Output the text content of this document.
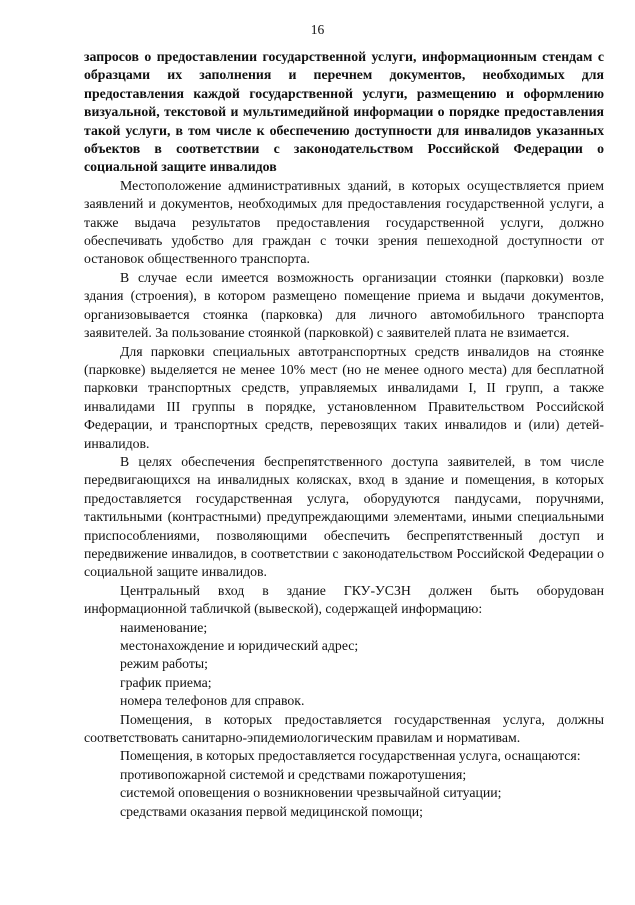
16

запросов о предоставлении государственной услуги, информационным стендам с образцами их заполнения и перечнем документов, необходимых для предоставления каждой государственной услуги, размещению и оформлению визуальной, текстовой и мультимедийной информации о порядке предоставления такой услуги, в том числе к обеспечению доступности для инвалидов указанных объектов в соответствии с законодательством Российской Федерации о социальной защите инвалидов

Местоположение административных зданий, в которых осуществляется прием заявлений и документов, необходимых для предоставления государственной услуги, а также выдача результатов предоставления государственной услуги, должно обеспечивать удобство для граждан с точки зрения пешеходной доступности от остановок общественного транспорта.

В случае если имеется возможность организации стоянки (парковки) возле здания (строения), в котором размещено помещение приема и выдачи документов, организовывается стоянка (парковка) для личного автомобильного транспорта заявителей. За пользование стоянкой (парковкой) с заявителей плата не взимается.

Для парковки специальных автотранспортных средств инвалидов на стоянке (парковке) выделяется не менее 10% мест (но не менее одного места) для бесплатной парковки транспортных средств, управляемых инвалидами I, II групп, а также инвалидами III группы в порядке, установленном Правительством Российской Федерации, и транспортных средств, перевозящих таких инвалидов и (или) детей-инвалидов.

В целях обеспечения беспрепятственного доступа заявителей, в том числе передвигающихся на инвалидных колясках, вход в здание и помещения, в которых предоставляется государственная услуга, оборудуются пандусами, поручнями, тактильными (контрастными) предупреждающими элементами, иными специальными приспособлениями, позволяющими обеспечить беспрепятственный доступ и передвижение инвалидов, в соответствии с законодательством Российской Федерации о социальной защите инвалидов.

Центральный вход в здание ГКУ-УСЗН должен быть оборудован информационной табличкой (вывеской), содержащей информацию:

наименование;
местонахождение и юридический адрес;
режим работы;
график приема;
номера телефонов для справок.

Помещения, в которых предоставляется государственная услуга, должны соответствовать санитарно-эпидемиологическим правилам и нормативам.

Помещения, в которых предоставляется государственная услуга, оснащаются:

противопожарной системой и средствами пожаротушения;
системой оповещения о возникновении чрезвычайной ситуации;
средствами оказания первой медицинской помощи;
